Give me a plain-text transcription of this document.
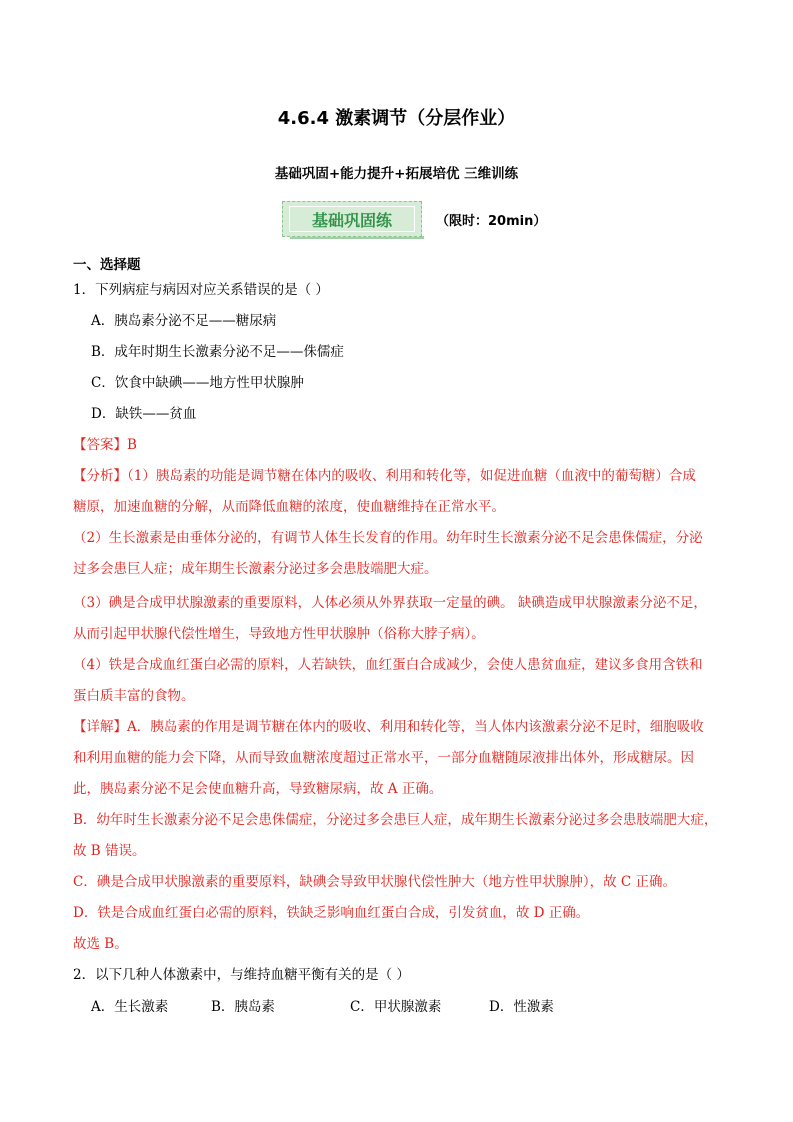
4.6.4 激素调节（分层作业）
基础巩固+能力提升+拓展培优 三维训练
基础巩固练	（限时：20min）
一、选择题
1．下列病症与病因对应关系错误的是（ ）
A．胰岛素分泌不足——糖尿病
B．成年时期生长激素分泌不足——侏儒症
C．饮食中缺碘——地方性甲状腺肿
D．缺铁——贫血
【答案】B
【分析】（1）胰岛素的功能是调节糖在体内的吸收、利用和转化等，如促进血糖（血液中的葡萄糖）合成
糖原，加速血糖的分解，从而降低血糖的浓度，使血糖维持在正常水平。
（2）生长激素是由垂体分泌的，有调节人体生长发育的作用。幼年时生长激素分泌不足会患侏儒症，分泌
过多会患巨人症；成年期生长激素分泌过多会患肢端肥大症。
（3）碘是合成甲状腺激素的重要原料，人体必须从外界获取一定量的碘。 缺碘造成甲状腺激素分泌不足，
从而引起甲状腺代偿性增生，导致地方性甲状腺肿（俗称大脖子病）。
（4）铁是合成血红蛋白必需的原料，人若缺铁，血红蛋白合成减少，会使人患贫血症，建议多食用含铁和
蛋白质丰富的食物。
【详解】A．胰岛素的作用是调节糖在体内的吸收、利用和转化等，当人体内该激素分泌不足时，细胞吸收
和利用血糖的能力会下降，从而导致血糖浓度超过正常水平，一部分血糖随尿液排出体外，形成糖尿。因
此，胰岛素分泌不足会使血糖升高，导致糖尿病，故 A 正确。
B．幼年时生长激素分泌不足会患侏儒症，分泌过多会患巨人症，成年期生长激素分泌过多会患肢端肥大症，
故 B 错误。
C．碘是合成甲状腺激素的重要原料，缺碘会导致甲状腺代偿性肿大（地方性甲状腺肿），故 C 正确。
D．铁是合成血红蛋白必需的原料，铁缺乏影响血红蛋白合成，引发贫血，故 D 正确。
故选 B。
2．以下几种人体激素中，与维持血糖平衡有关的是（ ）
A．生长激素	B．胰岛素	C．甲状腺激素	D．性激素
